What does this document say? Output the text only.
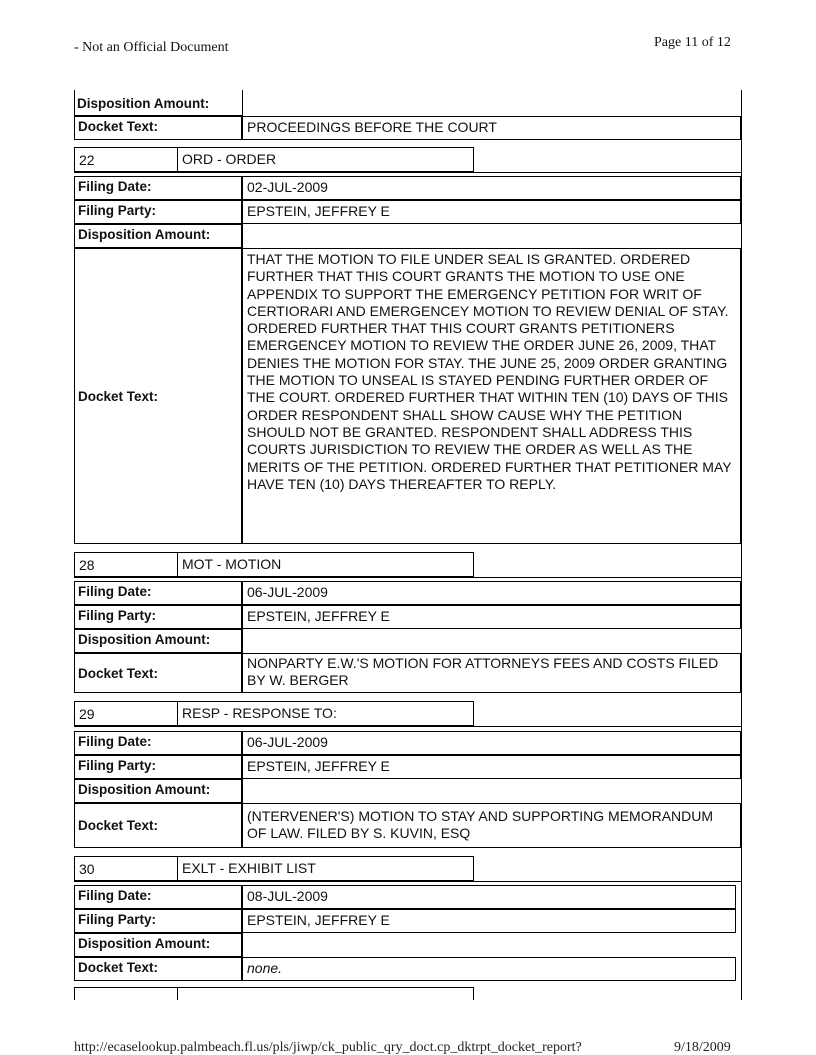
- Not an Official Document	Page 11 of 12
Disposition Amount:
Docket Text:	PROCEEDINGS BEFORE THE COURT
22	ORD - ORDER
Filing Date:	02-JUL-2009
Filing Party:	EPSTEIN, JEFFREY E
Disposition Amount:
Docket Text:
THAT THE MOTION TO FILE UNDER SEAL IS GRANTED. ORDERED FURTHER THAT THIS COURT GRANTS THE MOTION TO USE ONE APPENDIX TO SUPPORT THE EMERGENCY PETITION FOR WRIT OF CERTIORARI AND EMERGENCEY MOTION TO REVIEW DENIAL OF STAY. ORDERED FURTHER THAT THIS COURT GRANTS PETITIONERS EMERGENCEY MOTION TO REVIEW THE ORDER JUNE 26, 2009, THAT DENIES THE MOTION FOR STAY. THE JUNE 25, 2009 ORDER GRANTING THE MOTION TO UNSEAL IS STAYED PENDING FURTHER ORDER OF THE COURT. ORDERED FURTHER THAT WITHIN TEN (10) DAYS OF THIS ORDER RESPONDENT SHALL SHOW CAUSE WHY THE PETITION SHOULD NOT BE GRANTED. RESPONDENT SHALL ADDRESS THIS COURTS JURISDICTION TO REVIEW THE ORDER AS WELL AS THE MERITS OF THE PETITION. ORDERED FURTHER THAT PETITIONER MAY HAVE TEN (10) DAYS THEREAFTER TO REPLY.
28	MOT - MOTION
Filing Date:	06-JUL-2009
Filing Party:	EPSTEIN, JEFFREY E
Disposition Amount:
Docket Text:
NONPARTY E.W.'S MOTION FOR ATTORNEYS FEES AND COSTS FILED BY W. BERGER
29	RESP - RESPONSE TO:
Filing Date:	06-JUL-2009
Filing Party:	EPSTEIN, JEFFREY E
Disposition Amount:
Docket Text:
(NTERVENER'S) MOTION TO STAY AND SUPPORTING MEMORANDUM OF LAW. FILED BY S. KUVIN, ESQ
30	EXLT - EXHIBIT LIST
Filing Date:	08-JUL-2009
Filing Party:	EPSTEIN, JEFFREY E
Disposition Amount:
Docket Text:	none.
http://ecaselookup.palmbeach.fl.us/pls/jiwp/ck_public_qry_doct.cp_dktrpt_docket_report?	9/18/2009
